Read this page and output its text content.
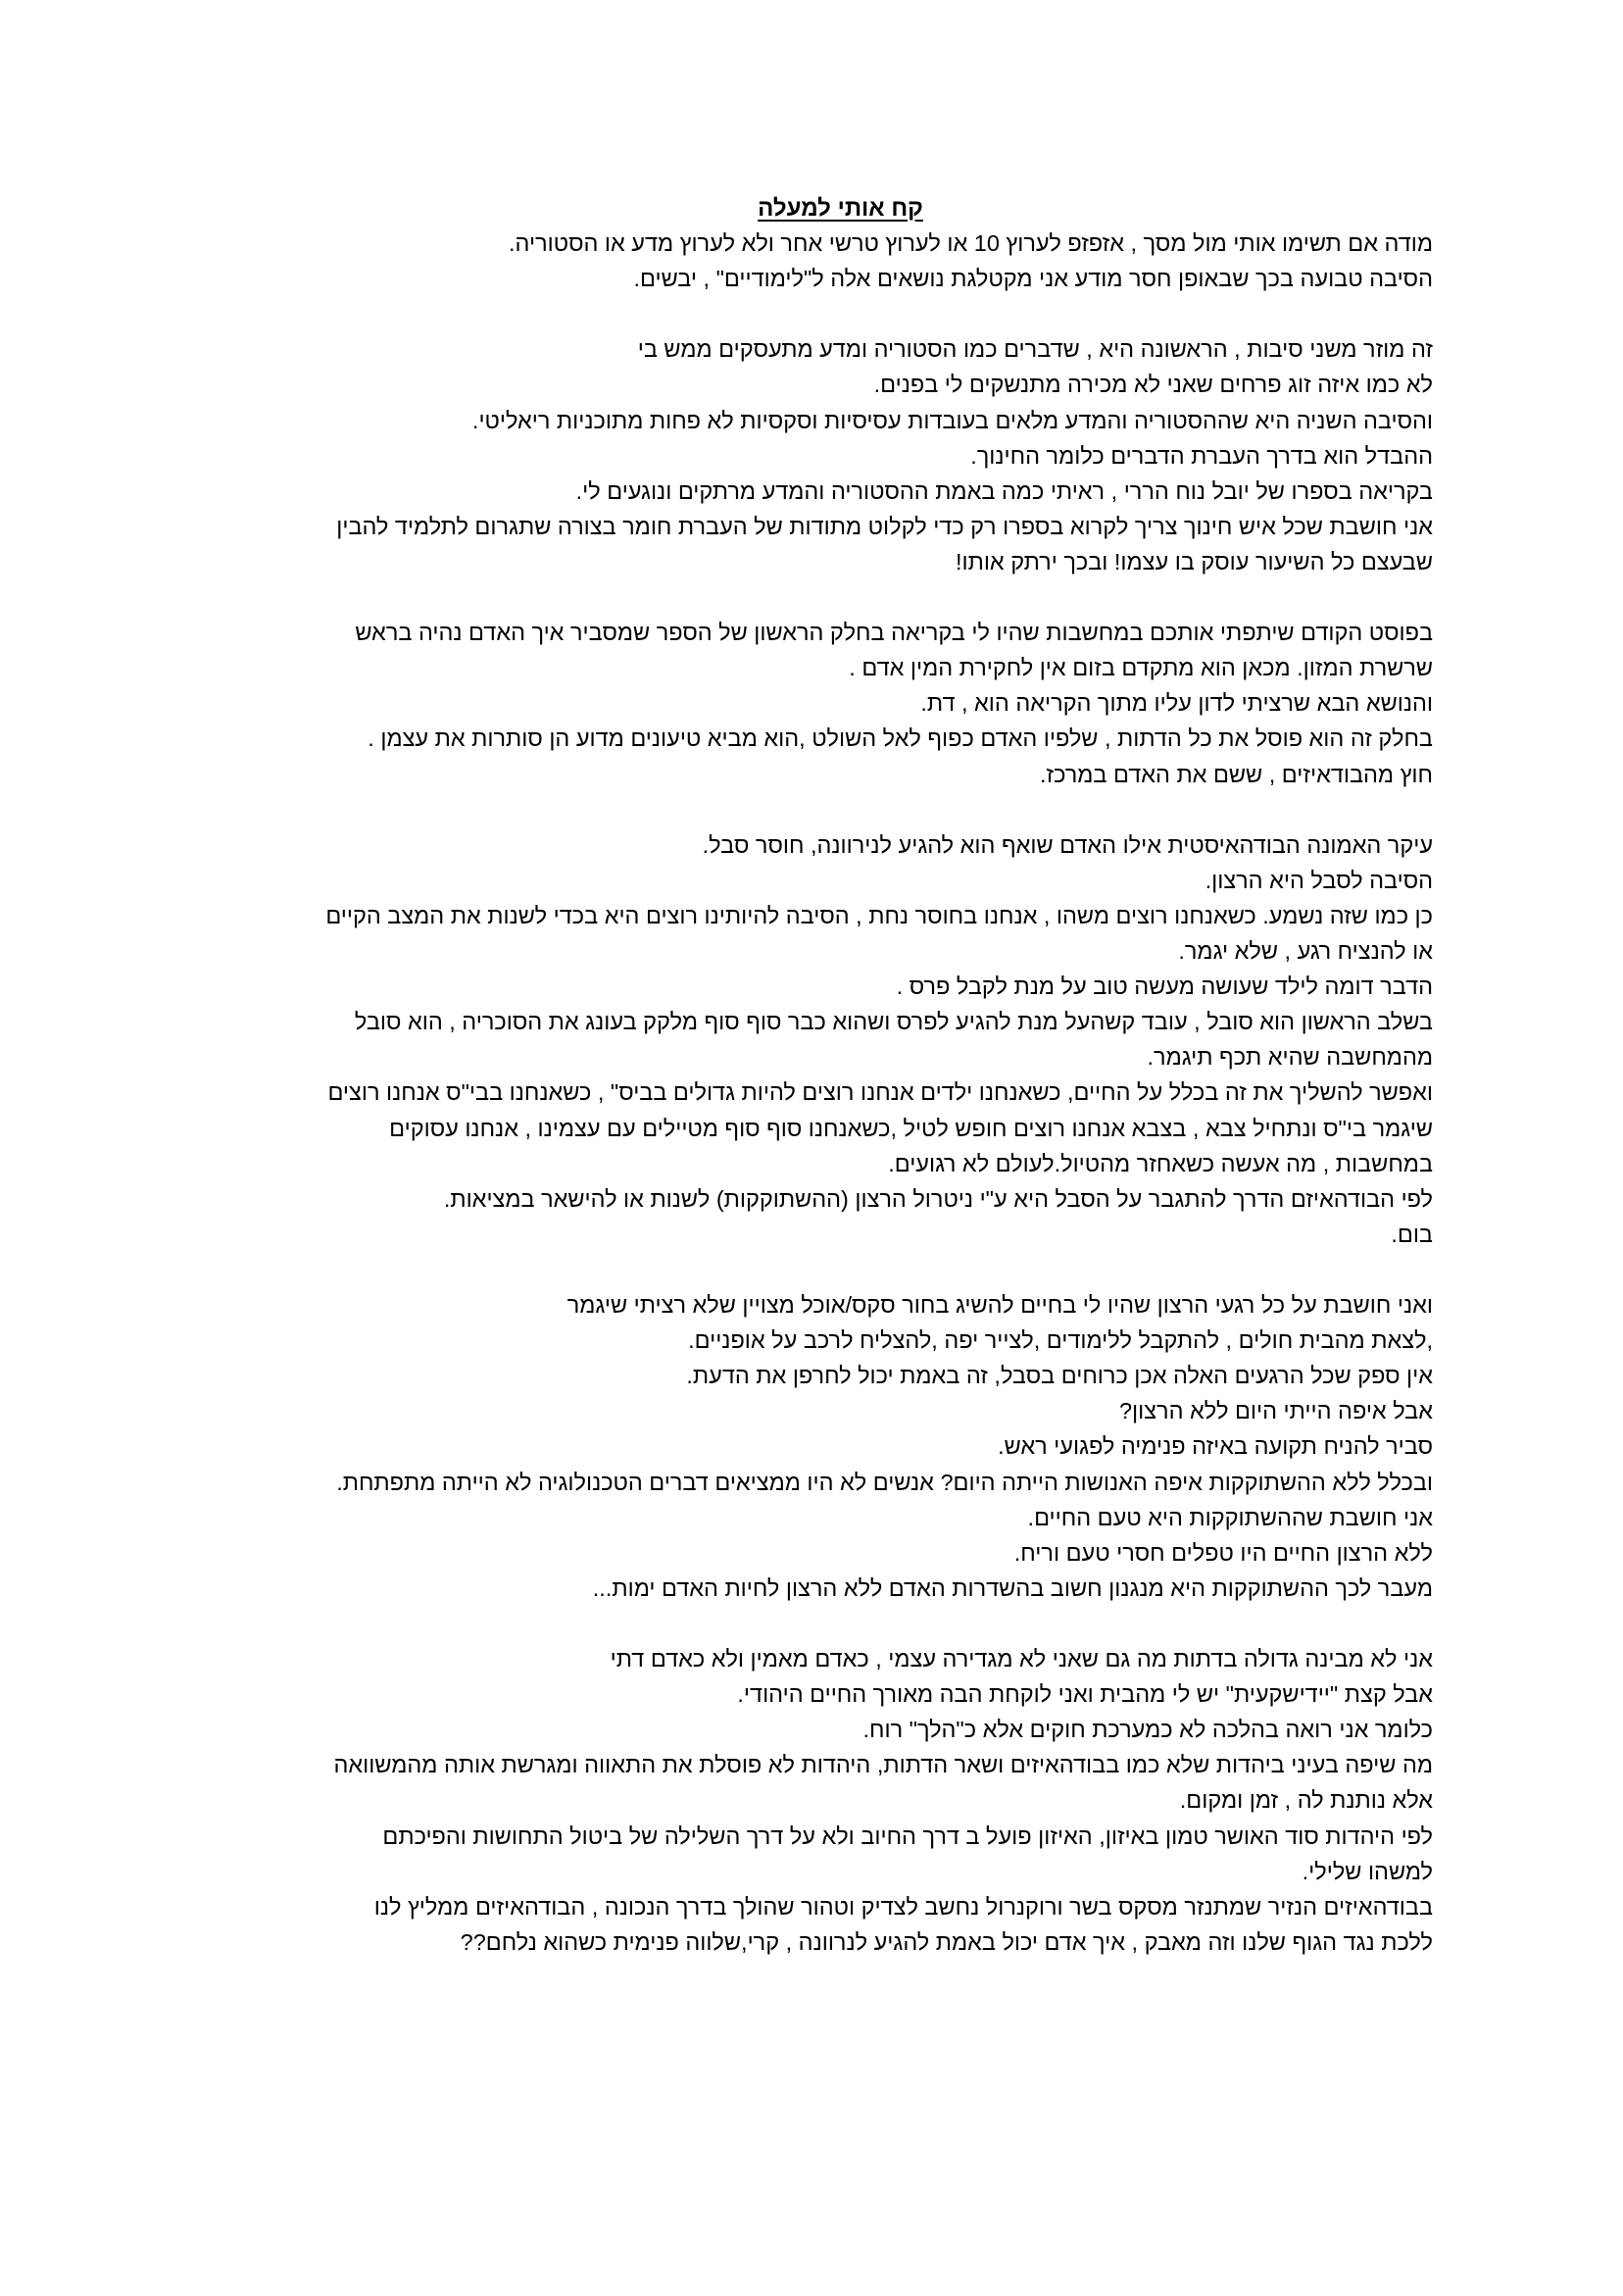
קח אותי למעלה
מודה אם תשימו אותי מול מסך , אזפזפ לערוץ 10 או לערוץ טרשי אחר ולא לערוץ מדע או הסטוריה.
הסיבה טבועה בכך שבאופן חסר מודע אני מקטלגת נושאים אלה ל"לימודיים" , יבשים.
זה מוזר משני סיבות , הראשונה היא , שדברים כמו הסטוריה ומדע מתעסקים ממש בי
לא כמו איזה זוג פרחים שאני לא מכירה מתנשקים לי בפנים.
והסיבה השניה היא שההסטוריה והמדע מלאים בעובדות עסיסיות וסקסיות לא פחות מתוכניות ריאליטי.
ההבדל הוא בדרך העברת הדברים כלומר החינוך.
בקריאה בספרו של יובל נוח הררי , ראיתי כמה באמת ההסטוריה והמדע מרתקים ונוגעים לי.
אני חושבת שכל איש חינוך צריך לקרוא בספרו רק כדי לקלוט מתודות של העברת חומר בצורה שתגרום לתלמיד להבין
שבעצם כל השיעור עוסק בו עצמו! ובכך ירתק אותו!
בפוסט הקודם שיתפתי אותכם במחשבות שהיו לי בקריאה בחלק הראשון של הספר שמסביר איך האדם נהיה בראש
שרשרת המזון. מכאן הוא מתקדם בזום אין לחקירת המין אדם .
והנושא הבא שרציתי לדון עליו מתוך הקריאה הוא , דת.
בחלק זה הוא פוסל את כל הדתות , שלפיו האדם כפוף לאל השולט ,הוא מביא טיעונים מדוע הן סותרות את עצמן .
חוץ מהבודאיזים , ששם את האדם במרכז.
עיקר האמונה הבודהאיסטית אילו האדם שואף הוא להגיע לנירוונה, חוסר סבל.
הסיבה לסבל היא הרצון.
כן כמו שזה נשמע. כשאנחנו רוצים משהו , אנחנו בחוסר נחת , הסיבה להיותינו רוצים היא בכדי לשנות את המצב הקיים
או להנציח רגע , שלא יגמר.
הדבר דומה לילד שעושה מעשה טוב על מנת לקבל פרס .
בשלב הראשון הוא סובל , עובד קשהעל מנת להגיע לפרס ושהוא כבר סוף סוף מלקק בעונג את הסוכריה , הוא סובל
מהמחשבה שהיא תכף תיגמר.
ואפשר להשליך את זה בכלל על החיים, כשאנחנו ילדים אנחנו רוצים להיות גדולים בביס" , כשאנחנו בבי"ס אנחנו רוצים
שיגמר בי"ס ונתחיל צבא , בצבא אנחנו רוצים חופש לטיל ,כשאנחנו סוף סוף מטיילים עם עצמינו , אנחנו עסוקים
במחשבות , מה אעשה כשאחזר מהטיול.לעולם לא רגועים.
לפי הבודהאיזם הדרך להתגבר על הסבל היא ע"י ניטרול הרצון (ההשתוקקות) לשנות או להישאר במציאות.
בום.
ואני חושבת על כל רגעי הרצון שהיו לי בחיים להשיג בחור סקס/אוכל מצויין שלא רציתי שיגמר
,לצאת מהבית חולים , להתקבל ללימודים ,לצייר יפה ,להצליח לרכב על אופניים.
אין ספק שכל הרגעים האלה אכן כרוחים בסבל, זה באמת יכול לחרפן את הדעת.
אבל איפה הייתי היום ללא הרצון?
סביר להניח תקועה באיזה פנימיה לפגועי ראש.
ובכלל ללא ההשתוקקות איפה האנושות הייתה היום? אנשים לא היו ממציאים דברים הטכנולוגיה לא הייתה מתפתחת.
אני חושבת שההשתוקקות היא טעם החיים.
ללא הרצון החיים היו טפלים חסרי טעם וריח.
מעבר לכך ההשתוקקות היא מנגנון חשוב בהשדרות האדם ללא הרצון לחיות האדם ימות...
אני לא מבינה גדולה בדתות מה גם שאני לא מגדירה עצמי , כאדם מאמין ולא כאדם דתי
אבל קצת "יידישקעית" יש לי מהבית ואני לוקחת הבה מאורך החיים היהודי.
כלומר אני רואה בהלכה לא כמערכת חוקים אלא כ"הלך" רוח.
מה שיפה בעיני ביהדות שלא כמו בבודהאיזים ושאר הדתות, היהדות לא פוסלת את התאווה ומגרשת אותה מהמשוואה
אלא נותנת לה , זמן ומקום.
לפי היהדות סוד האושר טמון באיזון, האיזון פועל ב דרך החיוב ולא על דרך השלילה של ביטול התחושות והפיכתם
למשהו שלילי.
בבודהאיזים הנזיר שמתנזר מסקס בשר ורוקנרול נחשב לצדיק וטהור שהולך בדרך הנכונה , הבודהאיזים ממליץ לנו
ללכת נגד הגוף שלנו וזה מאבק , איך אדם יכול באמת להגיע לנרוונה , קרי,שלווה פנימית כשהוא נלחם??
